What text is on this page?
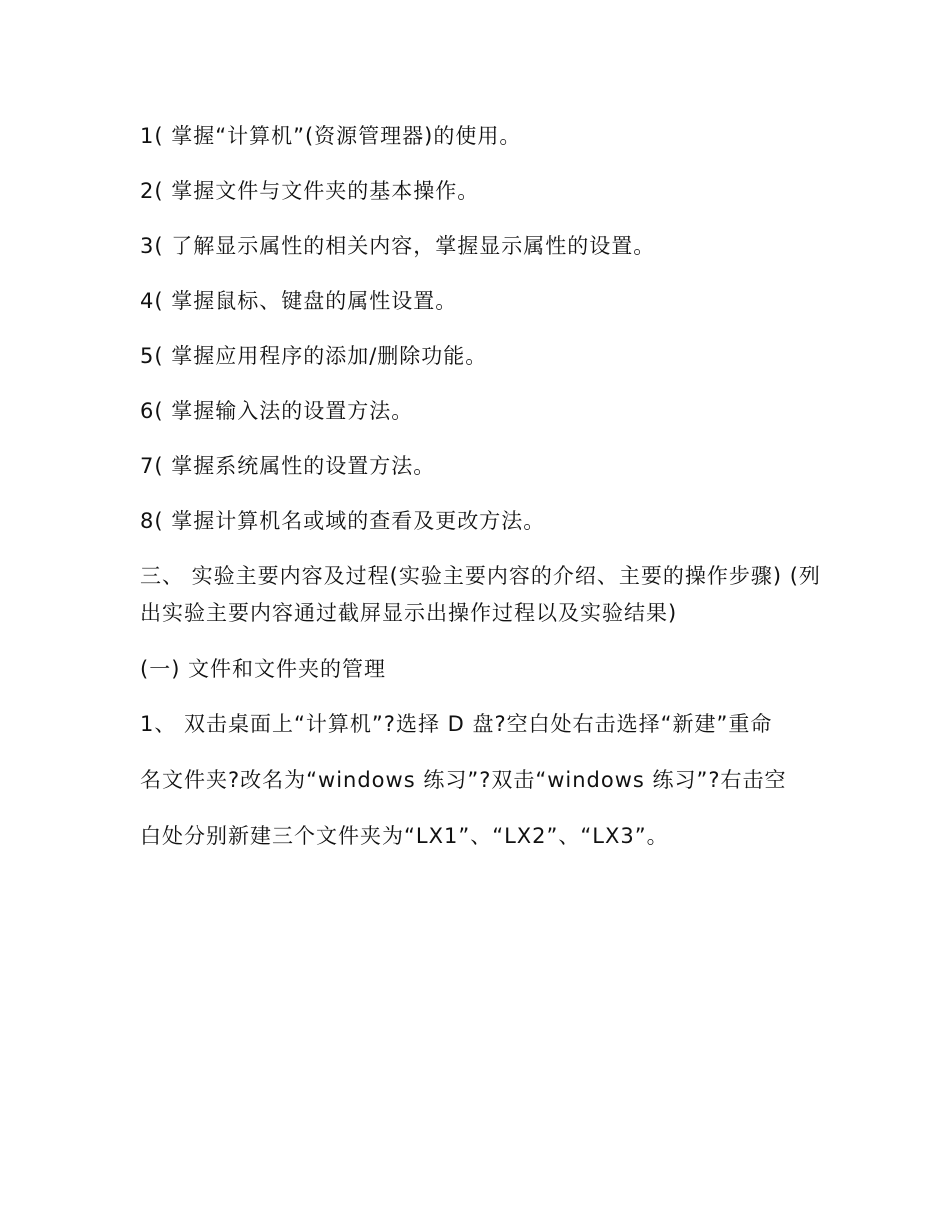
1( 掌握“计算机”(资源管理器)的使用。

2( 掌握文件与文件夹的基本操作。

3( 了解显示属性的相关内容，掌握显示属性的设置。

4( 掌握鼠标、键盘的属性设置。

5( 掌握应用程序的添加/删除功能。

6( 掌握输入法的设置方法。

7( 掌握系统属性的设置方法。

8( 掌握计算机名或域的查看及更改方法。

三、 实验主要内容及过程(实验主要内容的介绍、主要的操作步骤) (列出实验主要内容通过截屏显示出操作过程以及实验结果)

(一) 文件和文件夹的管理

1、 双击桌面上“计算机”?选择 D 盘?空白处右击选择“新建”重命

名文件夹?改名为“windows 练习”?双击“windows 练习”?右击空

白处分别新建三个文件夹为“LX1”、“LX2”、“LX3”。
